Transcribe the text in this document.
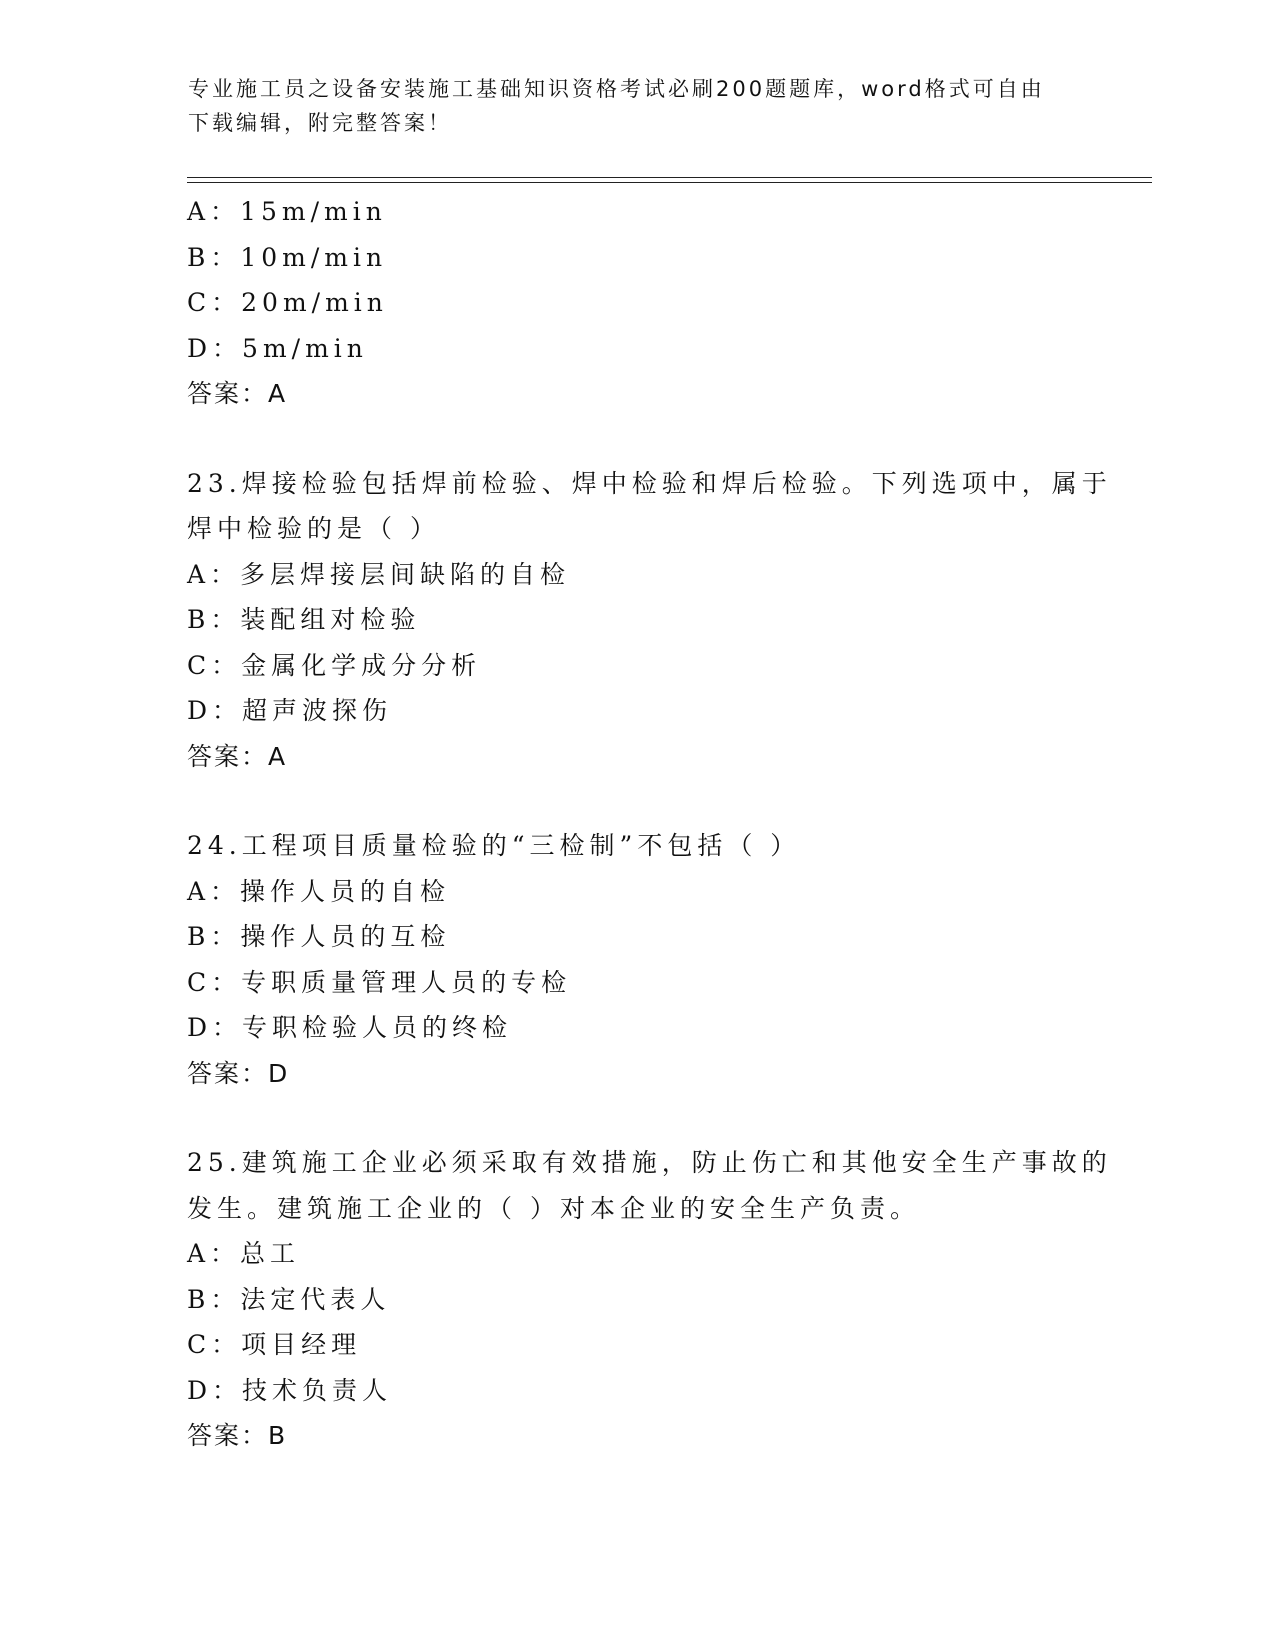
专业施工员之设备安装施工基础知识资格考试必刷200题题库，word格式可自由
下载编辑，附完整答案！
A：15m/min
B：10m/min
C：20m/min
D：5m/min
答案：A
23.焊接检验包括焊前检验、焊中检验和焊后检验。下列选项中，属于
焊中检验的是（ ）
A：多层焊接层间缺陷的自检
B：装配组对检验
C：金属化学成分分析
D：超声波探伤
答案：A
24.工程项目质量检验的“三检制”不包括（ ）
A：操作人员的自检
B：操作人员的互检
C：专职质量管理人员的专检
D：专职检验人员的终检
答案：D
25.建筑施工企业必须采取有效措施，防止伤亡和其他安全生产事故的
发生。建筑施工企业的（ ）对本企业的安全生产负责。
A：总工
B：法定代表人
C：项目经理
D：技术负责人
答案：B
